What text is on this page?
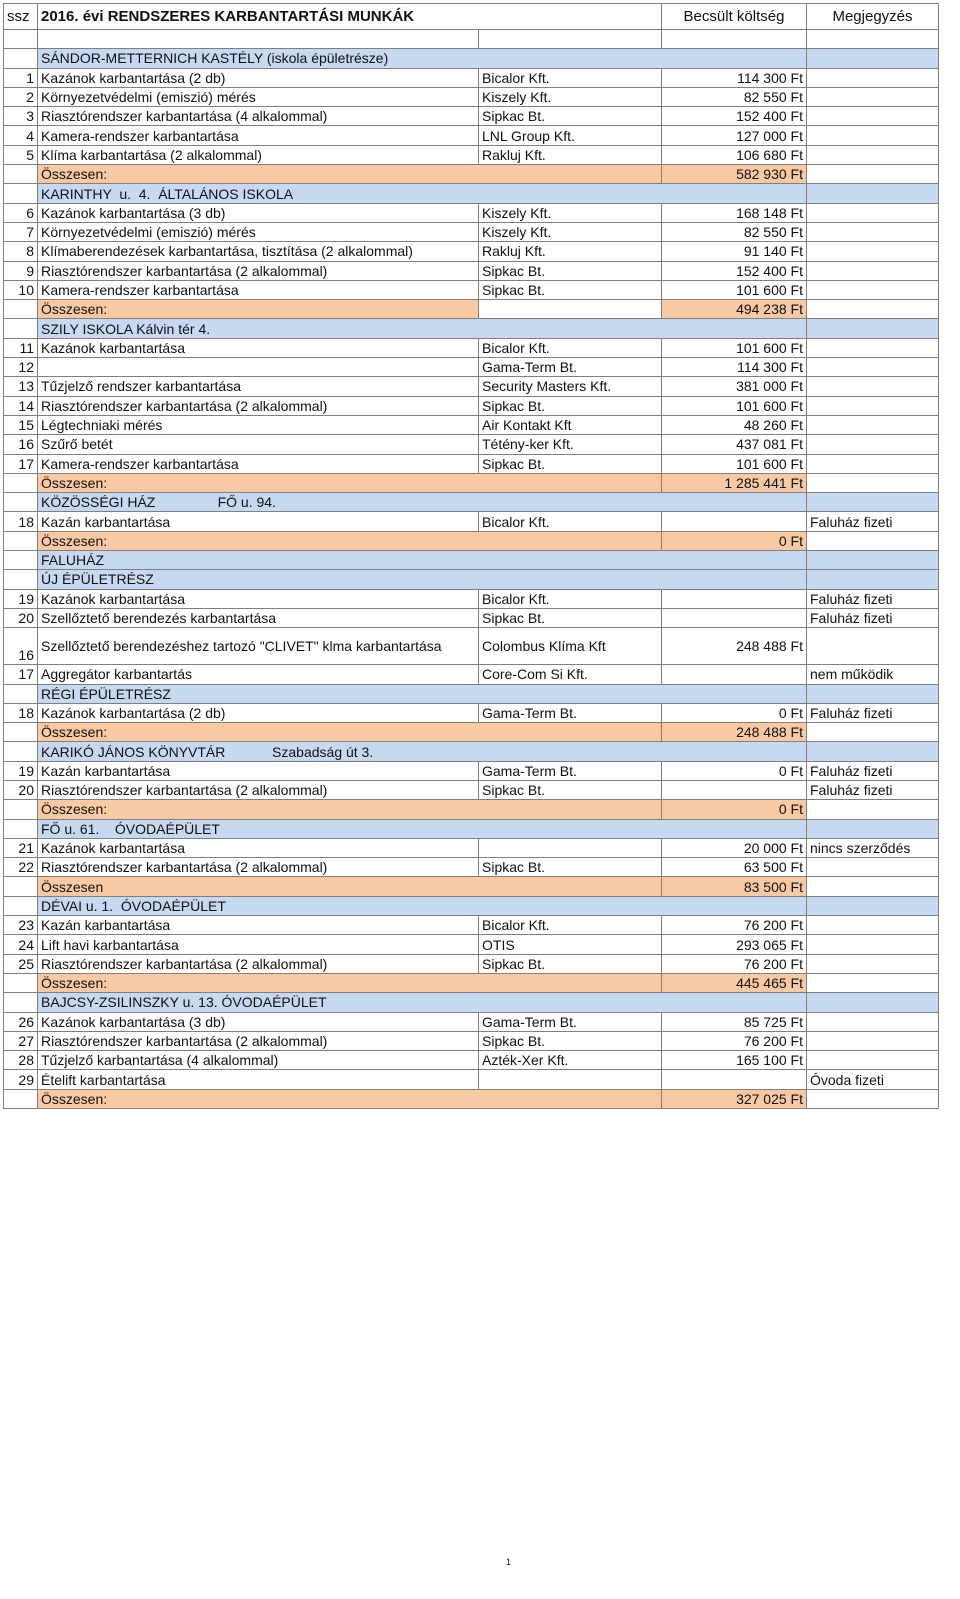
ssz	2016. évi RENDSZERES KARBANTARTÁSI MUNKÁK		Becsült költség	Megjegyzés

	SÁNDOR-METTERNICH KASTÉLY (iskola épületrésze)			
1	Kazánok karbantartása (2 db)	Bicalor Kft.	114 300 Ft	
2	Környezetvédelmi (emiszió) mérés	Kiszely Kft.	82 550 Ft	
3	Riasztórendszer karbantartása (4 alkalommal)	Sipkac Bt.	152 400 Ft	
4	Kamera-rendszer karbantartása	LNL Group Kft.	127 000 Ft	
5	Klíma karbantartása (2 alkalommal)	Rakluj Kft.	106 680 Ft	
	Összesen:		582 930 Ft	
	KARINTHY  u.  4.  ÁLTALÁNOS ISKOLA			
6	Kazánok karbantartása (3 db)	Kiszely Kft.	168 148 Ft	
7	Környezetvédelmi (emiszió) mérés	Kiszely Kft.	82 550 Ft	
8	Klímaberendezések karbantartása, tisztítása (2 alkalommal)	Rakluj Kft.	91 140 Ft	
9	Riasztórendszer karbantartása (2 alkalommal)	Sipkac Bt.	152 400 Ft	
10	Kamera-rendszer karbantartása	Sipkac Bt.	101 600 Ft	
	Összesen:		494 238 Ft	
	SZILY ISKOLA Kálvin tér 4.			
11	Kazánok karbantartása	Bicalor Kft.	101 600 Ft	
12		Gama-Term Bt.	114 300 Ft	
13	Tűzjelző rendszer karbantartása	Security Masters Kft.	381 000 Ft	
14	Riasztórendszer karbantartása (2 alkalommal)	Sipkac Bt.	101 600 Ft	
15	Légtechniaki mérés	Air Kontakt Kft	48 260 Ft	
16	Szűrő betét	Tétény-ker Kft.	437 081 Ft	
17	Kamera-rendszer karbantartása	Sipkac Bt.	101 600 Ft	
	Összesen:		1 285 441 Ft	
	KÖZÖSSÉGI HÁZ                FŐ u. 94.			
18	Kazán karbantartása	Bicalor Kft.		Faluház fizeti
	Összesen:		0 Ft	
	FALUHÁZ			
	ÚJ ÉPÜLETRÉSZ			
19	Kazánok karbantartása	Bicalor Kft.		Faluház fizeti
20	Szellőztető berendezés karbantartása	Sipkac Bt.		Faluház fizeti
16	Szellőztető berendezéshez tartozó "CLIVET" klma karbantartása	Colombus Klíma Kft	248 488 Ft	
17	Aggregátor karbantartás	Core-Com Si Kft.		nem működik
	RÉGI ÉPÜLETRÉSZ			
18	Kazánok karbantartása (2 db)	Gama-Term Bt.	0 Ft	Faluház fizeti
	Összesen:		248 488 Ft	
	KARIKÓ JÁNOS KÖNYVTÁR            Szabadság út 3.			
19	Kazán karbantartása	Gama-Term Bt.	0 Ft	Faluház fizeti
20	Riasztórendszer karbantartása (2 alkalommal)	Sipkac Bt.		Faluház fizeti
	Összesen:		0 Ft	
	FŐ u. 61.    ÓVODAÉPÜLET			
21	Kazánok karbantartása		20 000 Ft	nincs szerződés
22	Riasztórendszer karbantartása (2 alkalommal)	Sipkac Bt.	63 500 Ft	
	Összesen		83 500 Ft	
	DÉVAI u. 1.  ÓVODAÉPÜLET			
23	Kazán karbantartása	Bicalor Kft.	76 200 Ft	
24	Lift havi karbantartása	OTIS	293 065 Ft	
25	Riasztórendszer karbantartása (2 alkalommal)	Sipkac Bt.	76 200 Ft	
	Összesen:		445 465 Ft	
	BAJCSY-ZSILINSZKY u. 13. ÓVODAÉPÜLET			
26	Kazánok karbantartása (3 db)	Gama-Term Bt.	85 725 Ft	
27	Riasztórendszer karbantartása (2 alkalommal)	Sipkac Bt.	76 200 Ft	
28	Tűzjelző karbantartása (4 alkalommal)	Azték-Xer Kft.	165 100 Ft	
29	Ételift karbantartása			Óvoda fizeti
	Összesen:		327 025 Ft	
1
